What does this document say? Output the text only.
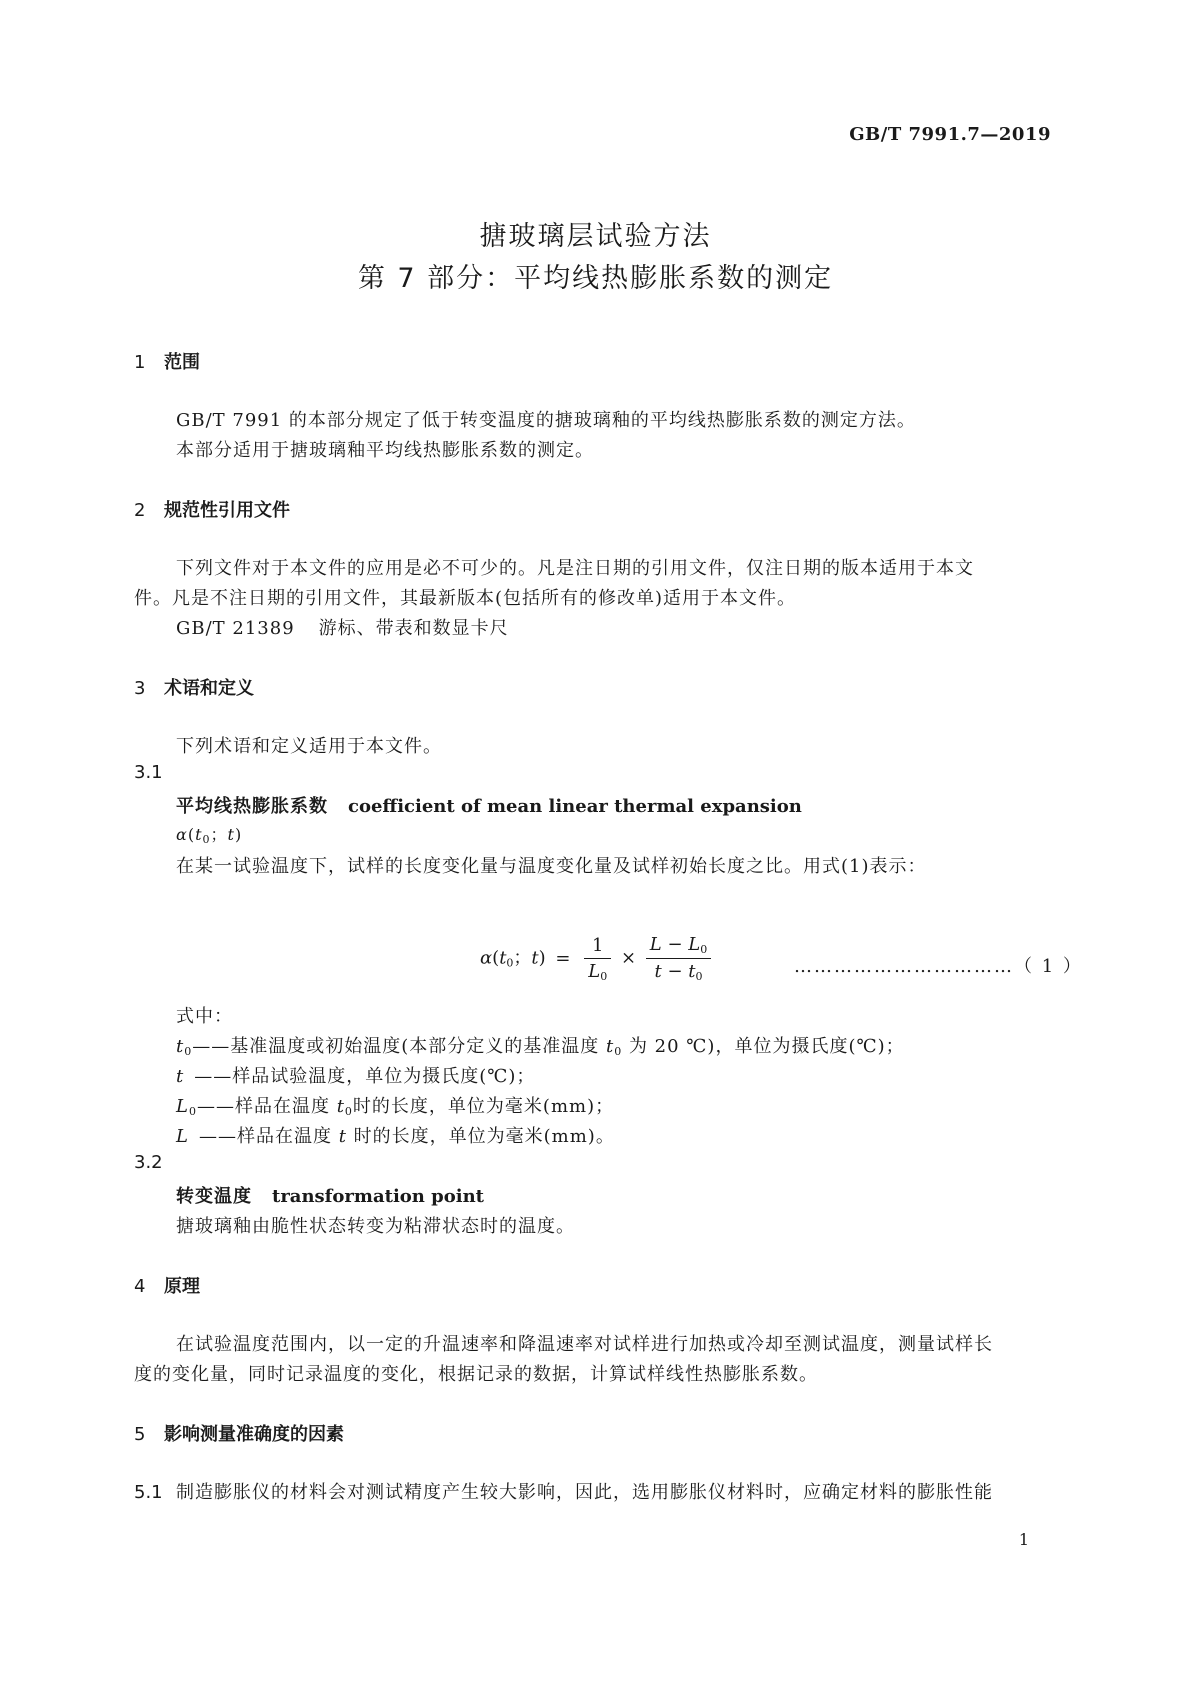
GB/T 7991.7—2019
搪玻璃层试验方法
第 7 部分：平均线热膨胀系数的测定
1 范围
GB/T 7991 的本部分规定了低于转变温度的搪玻璃釉的平均线热膨胀系数的测定方法。
本部分适用于搪玻璃釉平均线热膨胀系数的测定。
2 规范性引用文件
下列文件对于本文件的应用是必不可少的。凡是注日期的引用文件，仅注日期的版本适用于本文
件。凡是不注日期的引用文件，其最新版本(包括所有的修改单)适用于本文件。
GB/T 21389 游标、带表和数显卡尺
3 术语和定义
下列术语和定义适用于本文件。
3.1
平均线热膨胀系数 coefficient of mean linear thermal expansion
$\alpha(t_0$；t)
在某一试验温度下，试样的长度变化量与温度变化量及试样初始长度之比。用式(1)表示：
$\alpha(t_0$；$t) = \frac{1}{L_0} \times \frac{L - L_0}{t - t_0}$	……………………………（ 1 ）
式中：
$t_0——$基准温度或初始温度(本部分定义的基准温度 $t_0$ 为 20 ℃)，单位为摄氏度(℃)；
t ——样品试验温度，单位为摄氏度(℃)；
$L_0——$样品在温度 $t_0$时的长度，单位为毫米(mm)；
L ——样品在温度 t 时的长度，单位为毫米(mm)。
3.2
转变温度 transformation point
搪玻璃釉由脆性状态转变为粘滞状态时的温度。
4 原理
在试验温度范围内，以一定的升温速率和降温速率对试样进行加热或冷却至测试温度，测量试样长
度的变化量，同时记录温度的变化，根据记录的数据，计算试样线性热膨胀系数。
5 影响测量准确度的因素
5.1 制造膨胀仪的材料会对测试精度产生较大影响，因此，选用膨胀仪材料时，应确定材料的膨胀性能
1
